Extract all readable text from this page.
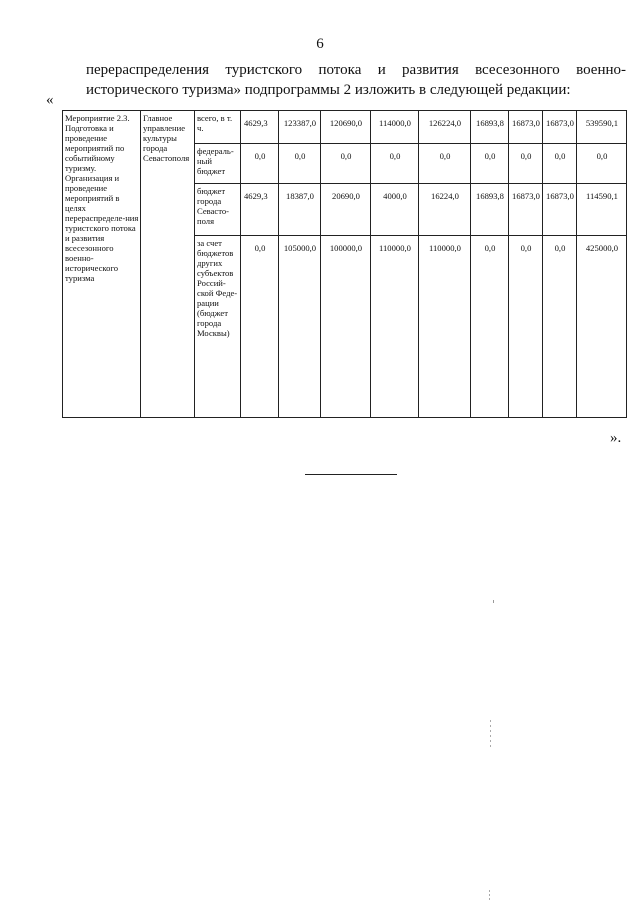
6
перераспределения туристского потока и развития всесезонного военно-
исторического туризма» подпрограммы 2 изложить в следующей редакции:
«
Мероприятие 2.3. Подготовка и проведение мероприятий по событийному туризму. Организация и проведение мероприятий в целях перераспределе-ния туристского потока и развития всесезонного военно-исторического туризма	Главное управление культуры города Севастополя	всего, в т. ч.	4629,3	123387,0	120690,0	114000,0	126224,0	16893,8	16873,0	16873,0	539590,1
		федераль-ный бюджет	0,0	0,0	0,0	0,0	0,0	0,0	0,0	0,0	0,0
		бюджет города Севасто-поля	4629,3	18387,0	20690,0	4000,0	16224,0	16893,8	16873,0	16873,0	114590,1
		за счет бюджетов других субъектов Россий-ской Феде-рации (бюджет города Москвы)	0,0	105000,0	100000,0	110000,0	110000,0	0,0	0,0	0,0	425000,0
».
